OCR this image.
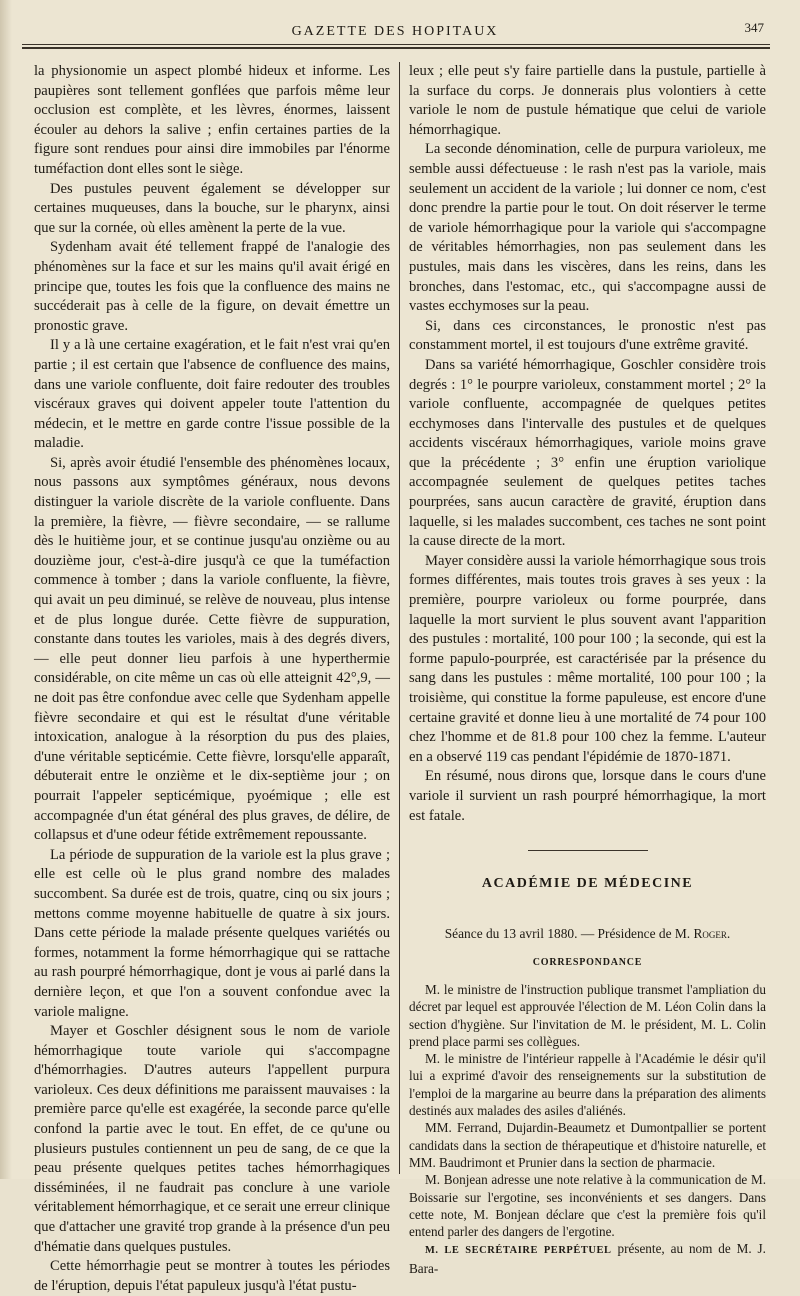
GAZETTE DES HOPITAUX	347

la physionomie un aspect plombé hideux et informe. Les paupières sont tellement gonflées que parfois même leur occlusion est complète, et les lèvres, énormes, laissent écouler au dehors la salive ; enfin certaines parties de la figure sont rendues pour ainsi dire immobiles par l'énorme tuméfaction dont elles sont le siège.

Des pustules peuvent également se développer sur certaines muqueuses, dans la bouche, sur le pharynx, ainsi que sur la cornée, où elles amènent la perte de la vue.

Sydenham avait été tellement frappé de l'analogie des phénomènes sur la face et sur les mains qu'il avait érigé en principe que, toutes les fois que la confluence des mains ne succéderait pas à celle de la figure, on devait émettre un pronostic grave.

Il y a là une certaine exagération, et le fait n'est vrai qu'en partie ; il est certain que l'absence de confluence des mains, dans une variole confluente, doit faire redouter des troubles viscéraux graves qui doivent appeler toute l'attention du médecin, et le mettre en garde contre l'issue possible de la maladie.

Si, après avoir étudié l'ensemble des phénomènes locaux, nous passons aux symptômes généraux, nous devons distinguer la variole discrète de la variole confluente. Dans la première, la fièvre, — fièvre secondaire, — se rallume dès le huitième jour, et se continue jusqu'au onzième ou au douzième jour, c'est-à-dire jusqu'à ce que la tuméfaction commence à tomber ; dans la variole confluente, la fièvre, qui avait un peu diminué, se relève de nouveau, plus intense et de plus longue durée. Cette fièvre de suppuration, constante dans toutes les varioles, mais à des degrés divers, — elle peut donner lieu parfois à une hyperthermie considérable, on cite même un cas où elle atteignit 42°,9, — ne doit pas être confondue avec celle que Sydenham appelle fièvre secondaire et qui est le résultat d'une véritable intoxication, analogue à la résorption du pus des plaies, d'une véritable septicémie. Cette fièvre, lorsqu'elle apparaît, débuterait entre le onzième et le dix-septième jour ; on pourrait l'appeler septicémique, pyoémique ; elle est accompagnée d'un état général des plus graves, de délire, de collapsus et d'une odeur fétide extrêmement repoussante.

La période de suppuration de la variole est la plus grave ; elle est celle où le plus grand nombre des malades succombent. Sa durée est de trois, quatre, cinq ou six jours ; mettons comme moyenne habituelle de quatre à six jours. Dans cette période la malade présente quelques variétés ou formes, notamment la forme hémorrhagique qui se rattache au rash pourpré hémorrhagique, dont je vous ai parlé dans la dernière leçon, et que l'on a souvent confondue avec la variole maligne.

Mayer et Goschler désignent sous le nom de variole hémorrhagique toute variole qui s'accompagne d'hémorrhagies. D'autres auteurs l'appellent purpura varioleux. Ces deux définitions me paraissent mauvaises : la première parce qu'elle est exagérée, la seconde parce qu'elle confond la partie avec le tout. En effet, de ce qu'une ou plusieurs pustules contiennent un peu de sang, de ce que la peau présente quelques petites taches hémorrhagiques disséminées, il ne faudrait pas conclure à une variole véritablement hémorrhagique, et ce serait une erreur clinique que d'attacher une gravité trop grande à la présence d'un peu d'hématie dans quelques pustules.

Cette hémorrhagie peut se montrer à toutes les périodes de l'éruption, depuis l'état papuleux jusqu'à l'état pustu-

leux ; elle peut s'y faire partielle dans la pustule, partielle à la surface du corps. Je donnerais plus volontiers à cette variole le nom de pustule hématique que celui de variole hémorrhagique.

La seconde dénomination, celle de purpura varioleux, me semble aussi défectueuse : le rash n'est pas la variole, mais seulement un accident de la variole ; lui donner ce nom, c'est donc prendre la partie pour le tout. On doit réserver le terme de variole hémorrhagique pour la variole qui s'accompagne de véritables hémorrhagies, non pas seulement dans les pustules, mais dans les viscères, dans les reins, dans les bronches, dans l'estomac, etc., qui s'accompagne aussi de vastes ecchymoses sur la peau.

Si, dans ces circonstances, le pronostic n'est pas constamment mortel, il est toujours d'une extrême gravité.

Dans sa variété hémorrhagique, Goschler considère trois degrés : 1° le pourpre varioleux, constamment mortel ; 2° la variole confluente, accompagnée de quelques petites ecchymoses dans l'intervalle des pustules et de quelques accidents viscéraux hémorrhagiques, variole moins grave que la précédente ; 3° enfin une éruption variolique accompagnée seulement de quelques petites taches pourprées, sans aucun caractère de gravité, éruption dans laquelle, si les malades succombent, ces taches ne sont point la cause directe de la mort.

Mayer considère aussi la variole hémorrhagique sous trois formes différentes, mais toutes trois graves à ses yeux : la première, pourpre varioleux ou forme pourprée, dans laquelle la mort survient le plus souvent avant l'apparition des pustules : mortalité, 100 pour 100 ; la seconde, qui est la forme papulo-pourprée, est caractérisée par la présence du sang dans les pustules : même mortalité, 100 pour 100 ; la troisième, qui constitue la forme papuleuse, est encore d'une certaine gravité et donne lieu à une mortalité de 74 pour 100 chez l'homme et de 81.8 pour 100 chez la femme. L'auteur en a observé 119 cas pendant l'épidémie de 1870-1871.

En résumé, nous dirons que, lorsque dans le cours d'une variole il survient un rash pourpré hémorrhagique, la mort est fatale.

ACADÉMIE DE MÉDECINE
Séance du 13 avril 1880. — Présidence de M. Roger.
CORRESPONDANCE

M. le ministre de l'instruction publique transmet l'ampliation du décret par lequel est approuvée l'élection de M. Léon Colin dans la section d'hygiène. Sur l'invitation de M. le président, M. L. Colin prend place parmi ses collègues.

M. le ministre de l'intérieur rappelle à l'Académie le désir qu'il lui a exprimé d'avoir des renseignements sur la substitution de l'emploi de la margarine au beurre dans la préparation des aliments destinés aux malades des asiles d'aliénés.

MM. Ferrand, Dujardin-Beaumetz et Dumontpallier se portent candidats dans la section de thérapeutique et d'histoire naturelle, et MM. Baudrimont et Prunier dans la section de pharmacie.

M. Bonjean adresse une note relative à la communication de M. Boissarie sur l'ergotine, ses inconvénients et ses dangers. Dans cette note, M. Bonjean déclare que c'est la première fois qu'il entend parler des dangers de l'ergotine.

M. LE SECRÉTAIRE PERPÉTUEL présente, au nom de M. J. Bara-
